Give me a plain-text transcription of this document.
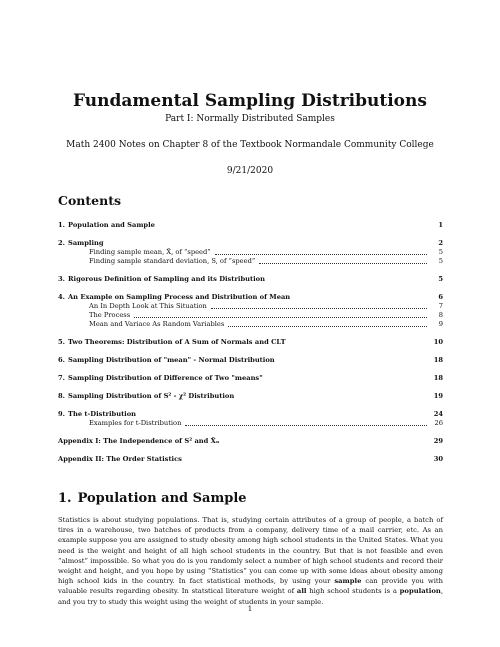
Fundamental Sampling Distributions
Part I: Normally Distributed Samples
Math 2400 Notes on Chapter 8 of the Textbook Normandale Community College
9/21/2020
Contents
1. Population and Sample	1
2. Sampling	2
Finding sample mean, X̄, of “speed”	5
Finding sample standard deviation, S, of “speed”	5
3. Rigorous Definition of Sampling and its Distribution	5
4. An Example on Sampling Process and Distribution of Mean	6
An In Depth Look at This Situation	7
The Process	8
Mean and Variace As Random Variables	9
5. Two Theorems: Distribution of A Sum of Normals and CLT	10
6. Sampling Distribution of "mean" - Normal Distribution	18
7. Sampling Distribution of Difference of Two "means"	18
8. Sampling Distribution of S² - χ² Distribution	19
9. The t-Distribution	24
Examples for t-Distribution	26
Appendix I: The Independence of S² and X̄ₙ	29
Appendix II: The Order Statistics	30
1. Population and Sample

Statistics is about studying populations. That is, studying certain attributes of a group of people, a batch of tires in a warehouse, two batches of products from a company, delivery time of a mail carrier, etc. As an example suppose you are assigned to study obesity among high school students in the United States. What you need is the weight and height of all high school students in the country. But that is not feasible and even “almost” impossible. So what you do is you randomly select a number of high school students and record their weight and height, and you hope by using “Statistics” you can come up with some ideas about obesity among high school kids in the country. In fact statistical methods, by using your sample can provide you with valuable results regarding obesity. In statstical literature weight of all high school students is a population, and you try to study this weight using the weight of students in your sample.

1
